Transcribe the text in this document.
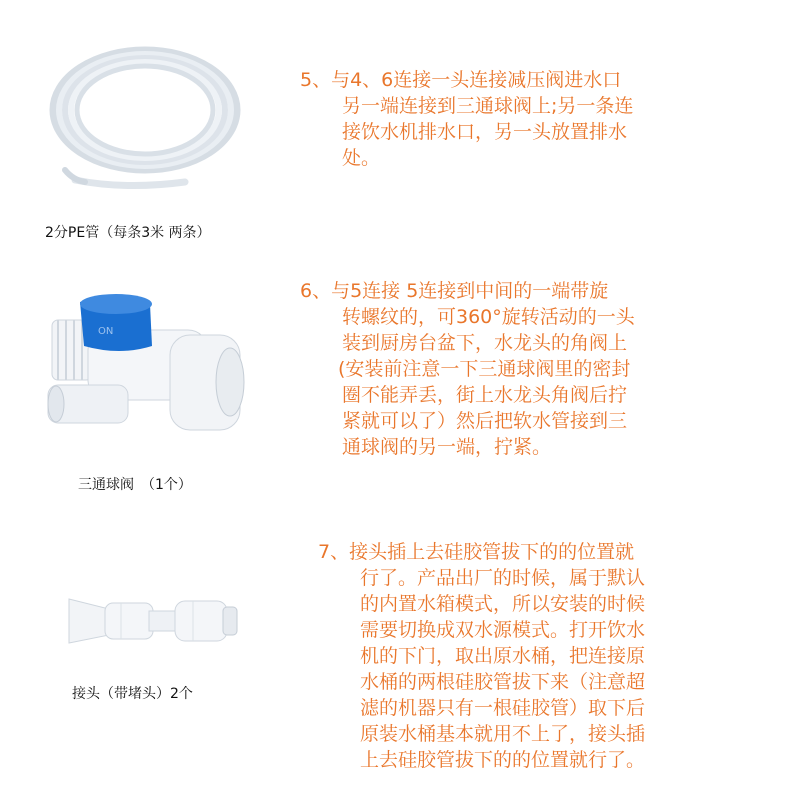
2分PE管（每条3米 两条）
ON
三通球阀　（1个）
接头（带堵头）2个
5、与4、6连接一头连接减压阀进水口
另一端连接到三通球阀上;另一条连
接饮水机排水口，另一头放置排水
处。
6、与5连接 5连接到中间的一端带旋
转螺纹的，可360°旋转活动的一头
装到厨房台盆下，水龙头的角阀上
(安装前注意一下三通球阀里的密封
圈不能弄丢，街上水龙头角阀后拧
紧就可以了）然后把软水管接到三
通球阀的另一端，拧紧。
7、接头插上去硅胶管拔下的的位置就
行了。产品出厂的时候，属于默认
的内置水箱模式，所以安装的时候
需要切换成双水源模式。打开饮水
机的下门，取出原水桶，把连接原
水桶的两根硅胶管拔下来（注意超
滤的机器只有一根硅胶管）取下后
原装水桶基本就用不上了，接头插
上去硅胶管拔下的的位置就行了。
